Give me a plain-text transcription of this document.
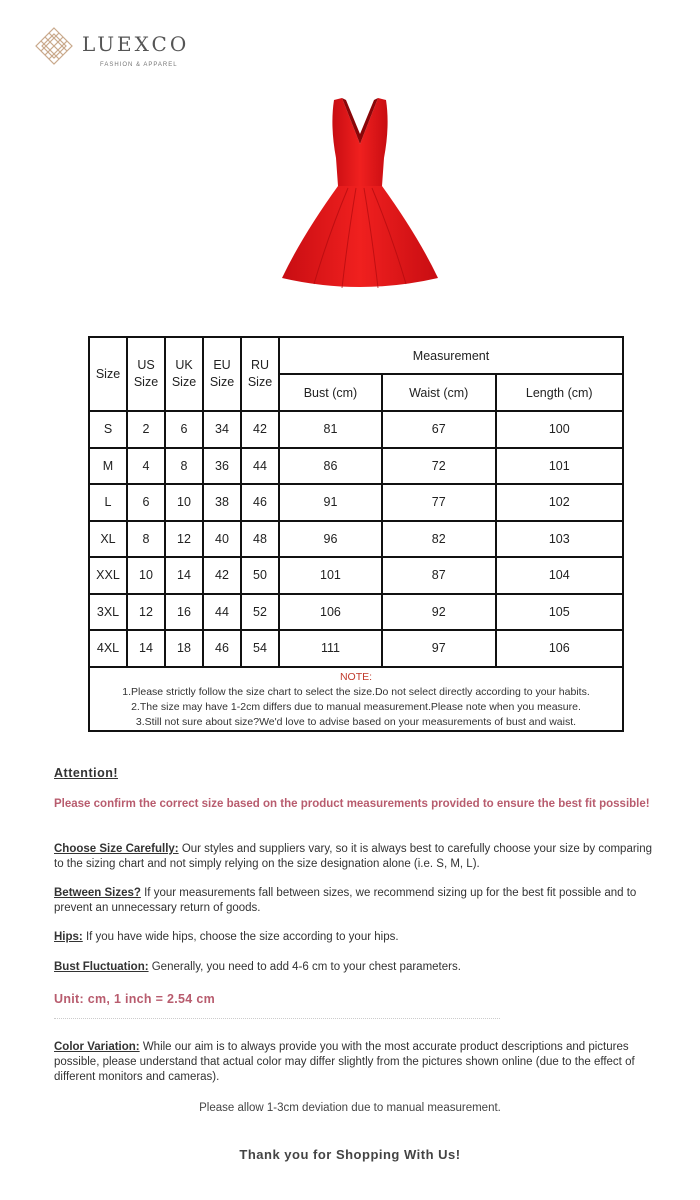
LUEXCO
FASHION & APPAREL
Size	US Size	UK Size	EU Size	RU Size	Measurement		
					Bust (cm)	Waist (cm)	Length (cm)
S	2	6	34	42	81	67	100
M	4	8	36	44	86	72	101
L	6	10	38	46	91	77	102
XL	8	12	40	48	96	82	103
XXL	10	14	42	50	101	87	104
3XL	12	16	44	52	106	92	105
4XL	14	18	46	54	111	97	106

NOTE:
1.Please strictly follow the size chart to select the size.Do not select directly according to your habits.
2.The size may have 1-2cm differs due to manual measurement.Please note when you measure.
3.Still not sure about size?We'd love to advise based on your measurements of bust and waist.							
Attention!
Please confirm the correct size based on the product measurements provided to ensure the best fit possible!
Choose Size Carefully: Our styles and suppliers vary, so it is always best to carefully choose your size by comparing to the sizing chart and not simply relying on the size designation alone (i.e. S, M, L).
Between Sizes? If your measurements fall between sizes, we recommend sizing up for the best fit possible and to prevent an unnecessary return of goods.
Hips: If you have wide hips, choose the size according to your hips.
Bust Fluctuation: Generally, you need to add 4-6 cm to your chest parameters.
Unit: cm, 1 inch = 2.54 cm
Color Variation: While our aim is to always provide you with the most accurate product descriptions and pictures possible, please understand that actual color may differ slightly from the pictures shown online (due to the effect of different monitors and cameras).
Please allow 1-3cm deviation due to manual measurement.
Thank you for Shopping With Us!
